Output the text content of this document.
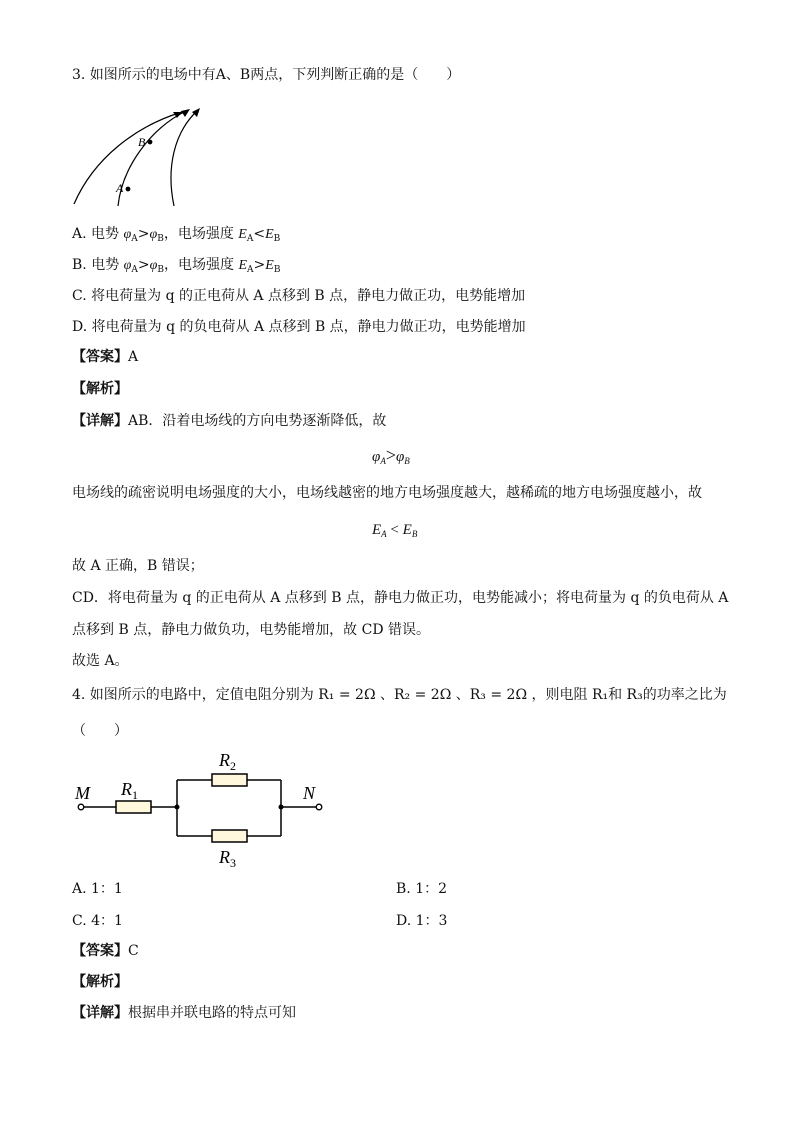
3. 如图所示的电场中有A、B两点，下列判断正确的是（　　）
B
A
A. 电势 $\varphi_A>\varphi_B$，电场强度 $E_A<E_B$
B. 电势 $\varphi_A>\varphi_B$，电场强度 $E_A>E_B$
C. 将电荷量为 q 的正电荷从 A 点移到 B 点，静电力做正功，电势能增加
D. 将电荷量为 q 的负电荷从 A 点移到 B 点，静电力做正功，电势能增加
【答案】A
【解析】
【详解】AB．沿着电场线的方向电势逐渐降低，故
$\varphi_A>\varphi_B$
电场线的疏密说明电场强度的大小，电场线越密的地方电场强度越大，越稀疏的地方电场强度越小，故
$E_A < E_B$
故 A 正确，B 错误；
CD．将电荷量为 q 的正电荷从 A 点移到 B 点，静电力做正功，电势能减小；将电荷量为 q 的负电荷从 A
点移到 B 点，静电力做负功，电势能增加，故 CD 错误。
故选 A。
4. 如图所示的电路中，定值电阻分别为 R₁ = 2Ω 、R₂ = 2Ω 、R₃ = 2Ω ，则电阻 R₁和 R₃的功率之比为
（　　）
M	N
$R_1$
$R_2$
$R_3$
A. 1：1	B. 1：2
C. 4：1	D. 1：3
【答案】C
【解析】
【详解】根据串并联电路的特点可知
